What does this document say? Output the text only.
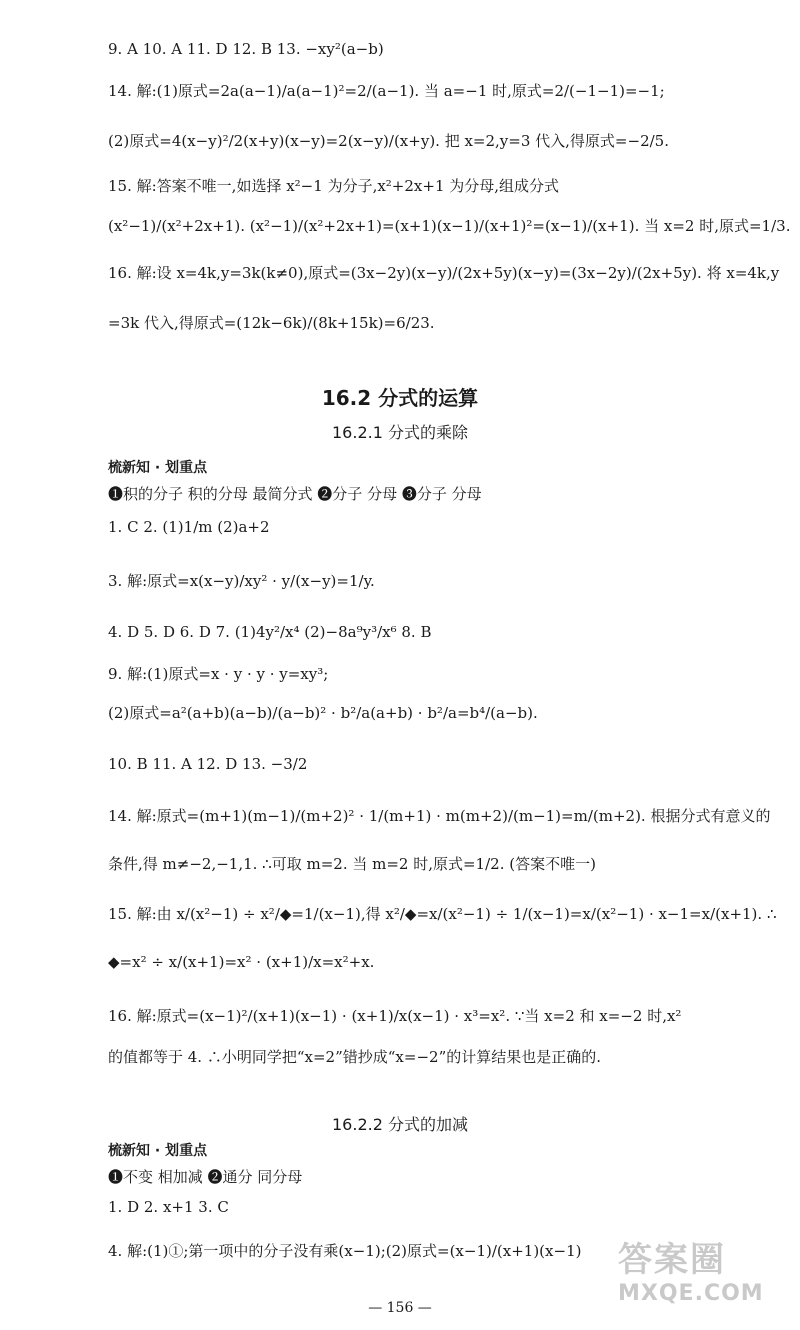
9. A 10. A 11. D 12. B 13. −xy²(a−b)
14. 解:(1)原式=2a(a−1)/a(a−1)²=2/(a−1). 当 a=−1 时,原式=2/(−1−1)=−1;
(2)原式=4(x−y)²/2(x+y)(x−y)=2(x−y)/(x+y). 把 x=2,y=3 代入,得原式=−2/5.
15. 解:答案不唯一,如选择 x²−1 为分子,x²+2x+1 为分母,组成分式
(x²−1)/(x²+2x+1). (x²−1)/(x²+2x+1)=(x+1)(x−1)/(x+1)²=(x−1)/(x+1). 当 x=2 时,原式=1/3.
16. 解:设 x=4k,y=3k(k≠0),原式=(3x−2y)(x−y)/(2x+5y)(x−y)=(3x−2y)/(2x+5y). 将 x=4k,y
=3k 代入,得原式=(12k−6k)/(8k+15k)=6/23.
16.2 分式的运算
16.2.1 分式的乘除
梳新知 · 划重点
❶积的分子 积的分母 最简分式 ❷分子 分母 ❸分子 分母
1. C 2. (1)1/m (2)a+2
3. 解:原式=x(x−y)/xy² · y/(x−y)=1/y.
4. D 5. D 6. D 7. (1)4y²/x⁴ (2)−8a⁹y³/x⁶ 8. B
9. 解:(1)原式=x · y · y · y=xy³;
(2)原式=a²(a+b)(a−b)/(a−b)² · b²/a(a+b) · b²/a=b⁴/(a−b).
10. B 11. A 12. D 13. −3/2
14. 解:原式=(m+1)(m−1)/(m+2)² · 1/(m+1) · m(m+2)/(m−1)=m/(m+2). 根据分式有意义的
条件,得 m≠−2,−1,1. ∴可取 m=2. 当 m=2 时,原式=1/2. (答案不唯一)
15. 解:由 x/(x²−1) ÷ x²/◆=1/(x−1),得 x²/◆=x/(x²−1) ÷ 1/(x−1)=x/(x²−1) · x−1=x/(x+1). ∴
◆=x² ÷ x/(x+1)=x² · (x+1)/x=x²+x.
16. 解:原式=(x−1)²/(x+1)(x−1) · (x+1)/x(x−1) · x³=x². ∵当 x=2 和 x=−2 时,x²
的值都等于 4. ∴小明同学把“x=2”错抄成“x=−2”的计算结果也是正确的.
16.2.2 分式的加减
梳新知 · 划重点
❶不变 相加减 ❷通分 同分母
1. D 2. x+1 3. C
4. 解:(1)①;第一项中的分子没有乘(x−1);(2)原式=(x−1)/(x+1)(x−1)
— 156 —
答案圈
MXQE.COM
